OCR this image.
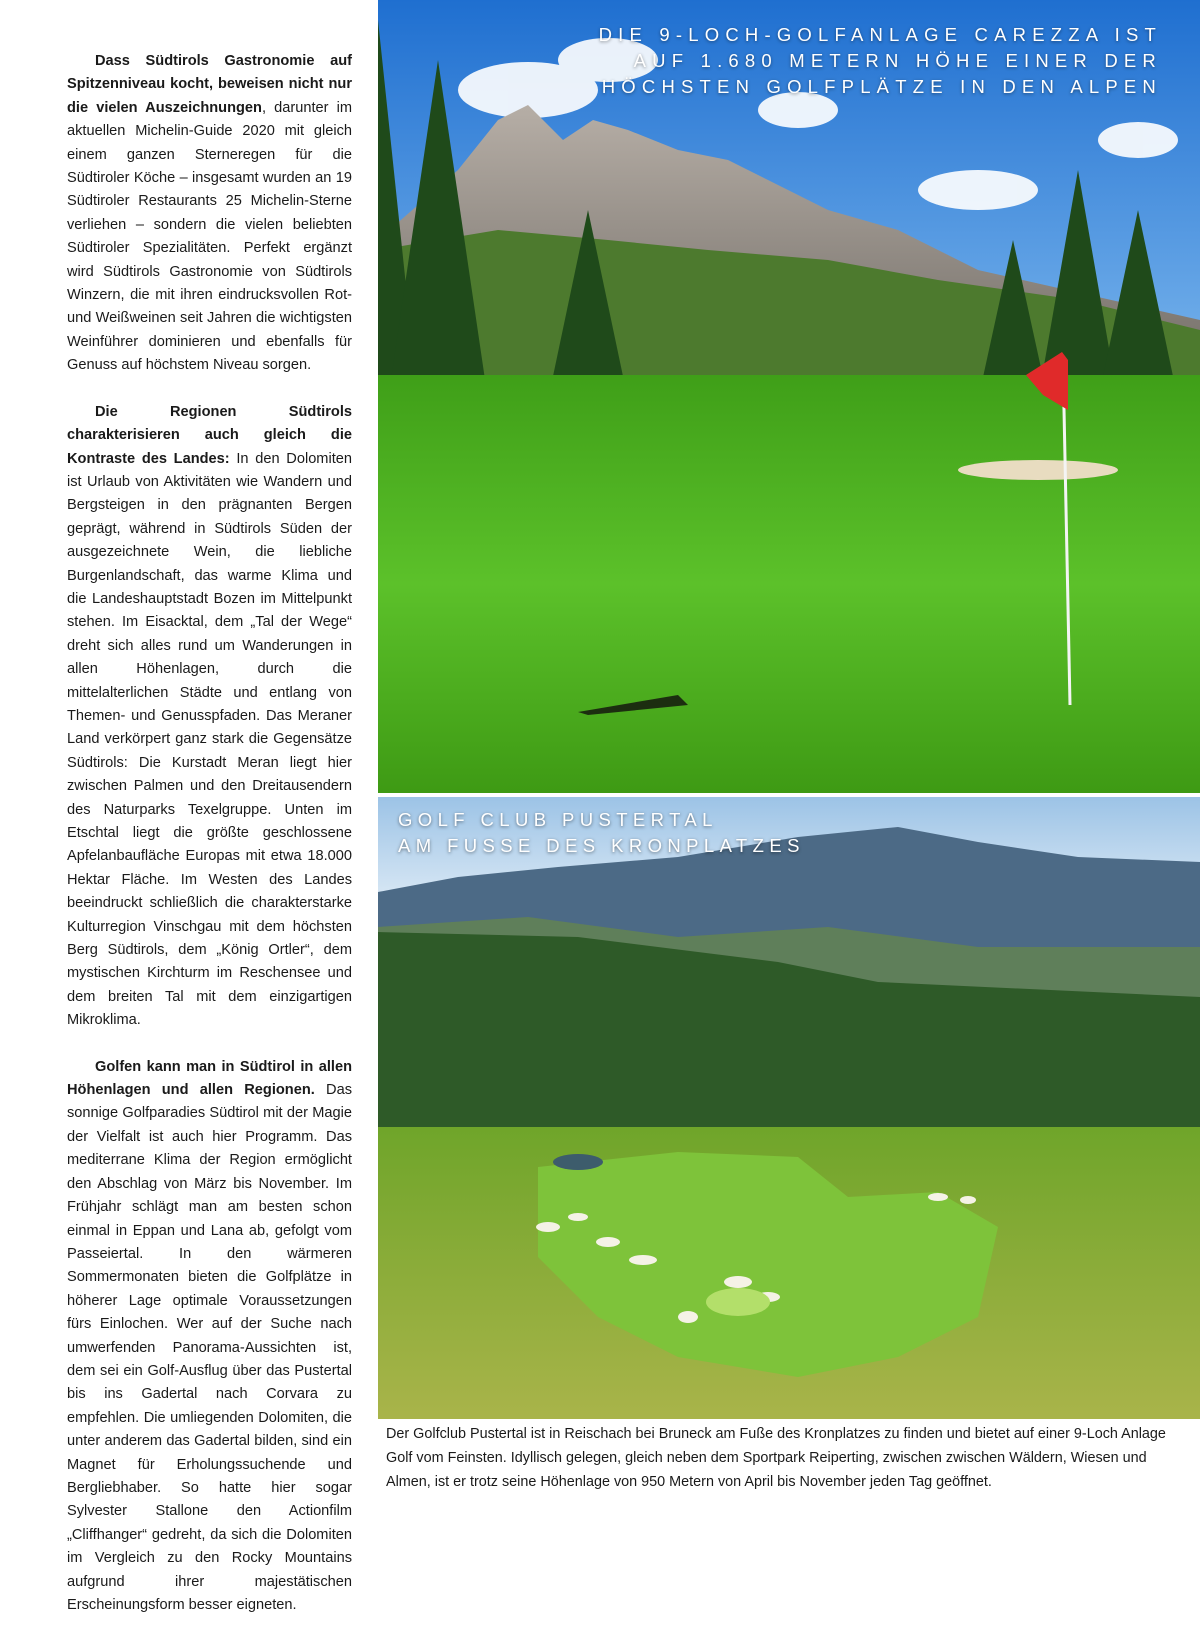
Dass Südtirols Gastronomie auf Spitzenniveau kocht, beweisen nicht nur die vielen Auszeichnungen, darunter im aktuellen Michelin-Guide 2020 mit gleich einem ganzen Sterneregen für die Südtiroler Köche – insgesamt wurden an 19 Südtiroler Restaurants 25 Michelin-Sterne verliehen – sondern die vielen beliebten Südtiroler Spezialitäten. Perfekt ergänzt wird Südtirols Gastronomie von Südtirols Winzern, die mit ihren eindrucksvollen Rot- und Weißweinen seit Jahren die wichtigsten Weinführer dominieren und ebenfalls für Genuss auf höchstem Niveau sorgen.

Die Regionen Südtirols charakterisieren auch gleich die Kontraste des Landes: In den Dolomiten ist Urlaub von Aktivitäten wie Wandern und Bergsteigen in den prägnanten Bergen geprägt, während in Südtirols Süden der ausgezeichnete Wein, die liebliche Burgenlandschaft, das warme Klima und die Landeshauptstadt Bozen im Mittelpunkt stehen. Im Eisacktal, dem „Tal der Wege“ dreht sich alles rund um Wanderungen in allen Höhenlagen, durch die mittelalterlichen Städte und entlang von Themen- und Genusspfaden. Das Meraner Land verkörpert ganz stark die Gegensätze Südtirols: Die Kurstadt Meran liegt hier zwischen Palmen und den Dreitausendern des Naturparks Texelgruppe. Unten im Etschtal liegt die größte geschlossene Apfelanbaufläche Europas mit etwa 18.000 Hektar Fläche. Im Westen des Landes beeindruckt schließlich die charakterstarke Kulturregion Vinschgau mit dem höchsten Berg Südtirols, dem „König Ortler“, dem mystischen Kirchturm im Reschensee und dem breiten Tal mit dem einzigartigen Mikroklima.

Golfen kann man in Südtirol in allen Höhenlagen und allen Regionen. Das sonnige Golfparadies Südtirol mit der Magie der Vielfalt ist auch hier Programm. Das mediterrane Klima der Region ermöglicht den Abschlag von März bis November. Im Frühjahr schlägt man am besten schon einmal in Eppan und Lana ab, gefolgt vom Passeiertal. In den wärmeren Sommermonaten bieten die Golfplätze in höherer Lage optimale Voraussetzungen fürs Einlochen. Wer auf der Suche nach umwerfenden Panorama-Aussichten ist, dem sei ein Golf-Ausflug über das Pustertal bis ins Gadertal nach Corvara zu empfehlen. Die umliegenden Dolomiten, die unter anderem das Gadertal bilden, sind ein Magnet für Erholungssuchende und Bergliebhaber. So hatte hier sogar Sylvester Stallone den Actionfilm „Cliffhanger“ gedreht, da sich die Dolomiten im Vergleich zu den Rocky Mountains aufgrund ihrer majestätischen Erscheinungsform besser eigneten.

DIE 9-LOCH-GOLFANLAGE CAREZZA IST
AUF 1.680 METERN HÖHE EINER DER
HÖCHSTEN GOLFPLÄTZE IN DEN ALPEN
GOLF CLUB PUSTERTAL
AM FUSSE DES KRONPLATZES
Der Golfclub Pustertal ist in Reischach bei Bruneck am Fuße des Kronplatzes zu finden und bietet auf einer 9-Loch Anlage Golf vom Feinsten. Idyllisch gelegen, gleich neben dem Sportpark Reiperting, zwischen zwischen Wäldern, Wiesen und Almen, ist er trotz seine Höhenlage von 950 Metern von April bis November jeden Tag geöffnet.
